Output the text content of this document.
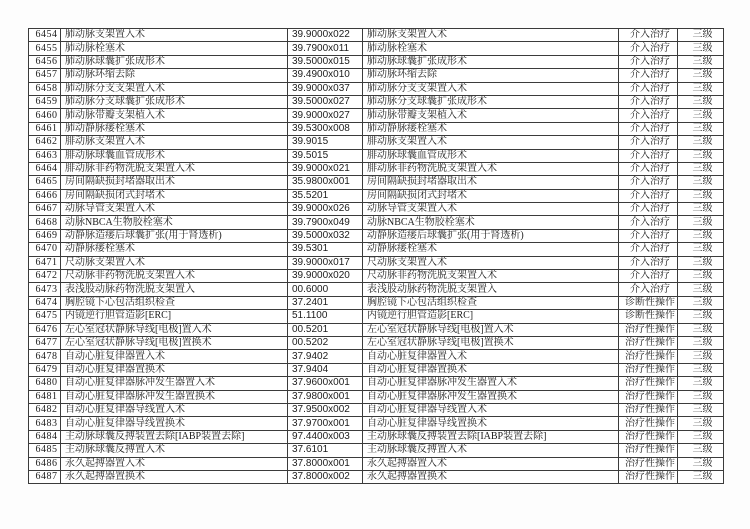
6454	肺动脉支架置入术	39.9000x022	肺动脉支架置入术	介入治疗	三级
6455	肺动脉栓塞术	39.7900x011	肺动脉栓塞术	介入治疗	三级
6456	肺动脉球囊扩张成形术	39.5000x015	肺动脉球囊扩张成形术	介入治疗	三级
6457	肺动脉环缩去除	39.4900x010	肺动脉环缩去除	介入治疗	三级
6458	肺动脉分支支架置入术	39.9000x037	肺动脉分支支架置入术	介入治疗	三级
6459	肺动脉分支球囊扩张成形术	39.5000x027	肺动脉分支球囊扩张成形术	介入治疗	三级
6460	肺动脉带瓣支架植入术	39.9000x027	肺动脉带瓣支架植入术	介入治疗	三级
6461	肺动静脉瘘栓塞术	39.5300x008	肺动静脉瘘栓塞术	介入治疗	三级
6462	腓动脉支架置入术	39.9015	腓动脉支架置入术	介入治疗	三级
6463	腓动脉球囊血管成形术	39.5015	腓动脉球囊血管成形术	介入治疗	三级
6464	腓动脉非药物洗脱支架置入术	39.9000x021	腓动脉非药物洗脱支架置入术	介入治疗	三级
6465	房间隔缺损封堵器取出术	35.9800x001	房间隔缺损封堵器取出术	介入治疗	三级
6466	房间隔缺损闭式封堵术	35.5201	房间隔缺损闭式封堵术	介入治疗	三级
6467	动脉导管支架置入术	39.9000x026	动脉导管支架置入术	介入治疗	三级
6468	动脉NBCA生物胶栓塞术	39.7900x049	动脉NBCA生物胶栓塞术	介入治疗	三级
6469	动静脉造瘘后球囊扩张(用于肾透析)	39.5000x032	动静脉造瘘后球囊扩张(用于肾透析)	介入治疗	三级
6470	动静脉瘘栓塞术	39.5301	动静脉瘘栓塞术	介入治疗	三级
6471	尺动脉支架置入术	39.9000x017	尺动脉支架置入术	介入治疗	三级
6472	尺动脉非药物洗脱支架置入术	39.9000x020	尺动脉非药物洗脱支架置入术	介入治疗	三级
6473	表浅股动脉药物洗脱支架置入	00.6000	表浅股动脉药物洗脱支架置入	介入治疗	三级
6474	胸腔镜下心包活组织检查	37.2401	胸腔镜下心包活组织检查	诊断性操作	三级
6475	内镜逆行胆管造影[ERC]	51.1100	内镜逆行胆管造影[ERC]	诊断性操作	三级
6476	左心室冠状静脉导线[电极]置入术	00.5201	左心室冠状静脉导线[电极]置入术	治疗性操作	三级
6477	左心室冠状静脉导线[电极]置换术	00.5202	左心室冠状静脉导线[电极]置换术	治疗性操作	三级
6478	自动心脏复律器置入术	37.9402	自动心脏复律器置入术	治疗性操作	三级
6479	自动心脏复律器置换术	37.9404	自动心脏复律器置换术	治疗性操作	三级
6480	自动心脏复律器脉冲发生器置入术	37.9600x001	自动心脏复律器脉冲发生器置入术	治疗性操作	三级
6481	自动心脏复律器脉冲发生器置换术	37.9800x001	自动心脏复律器脉冲发生器置换术	治疗性操作	三级
6482	自动心脏复律器导线置入术	37.9500x002	自动心脏复律器导线置入术	治疗性操作	三级
6483	自动心脏复律器导线置换术	37.9700x001	自动心脏复律器导线置换术	治疗性操作	三级
6484	主动脉球囊反搏装置去除[IABP装置去除]	97.4400x003	主动脉球囊反搏装置去除[IABP装置去除]	治疗性操作	三级
6485	主动脉球囊反搏置入术	37.6101	主动脉球囊反搏置入术	治疗性操作	三级
6486	永久起搏器置入术	37.8000x001	永久起搏器置入术	治疗性操作	三级
6487	永久起搏器置换术	37.8000x002	永久起搏器置换术	治疗性操作	三级
